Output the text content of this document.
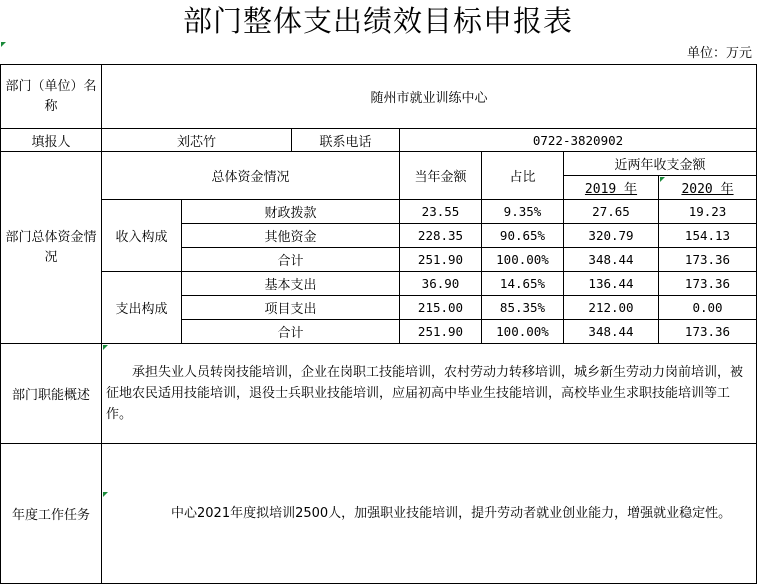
部门整体支出绩效目标申报表
单位：万元
部门（单位）名称	随州市就业训练中心						
填报人	刘芯竹		联系电话	0722-3820902			
部门总体资金情况	总体资金情况			当年金额	占比	近两年收支金额	
						2019 年	2020 年
	收入构成	财政拨款		23.55	9.35%	27.65	19.23
		其他资金		228.35	90.65%	320.79	154.13
		合计		251.90	100.00%	348.44	173.36
	支出构成	基本支出		36.90	14.65%	136.44	173.36
		项目支出		215.00	85.35%	212.00	0.00
		合计		251.90	100.00%	348.44	173.36
部门职能概述	　　承担失业人员转岗技能培训，企业在岗职工技能培训，农村劳动力转移培训，城乡新生劳动力岗前培训，被征地农民适用技能培训，退役士兵职业技能培训，应届初高中毕业生技能培训，高校毕业生求职技能培训等工作。						

年度工作任务	　　　　　中心2021年度拟培训2500人，加强职业技能培训，提升劳动者就业创业能力，增强就业稳定性。						
